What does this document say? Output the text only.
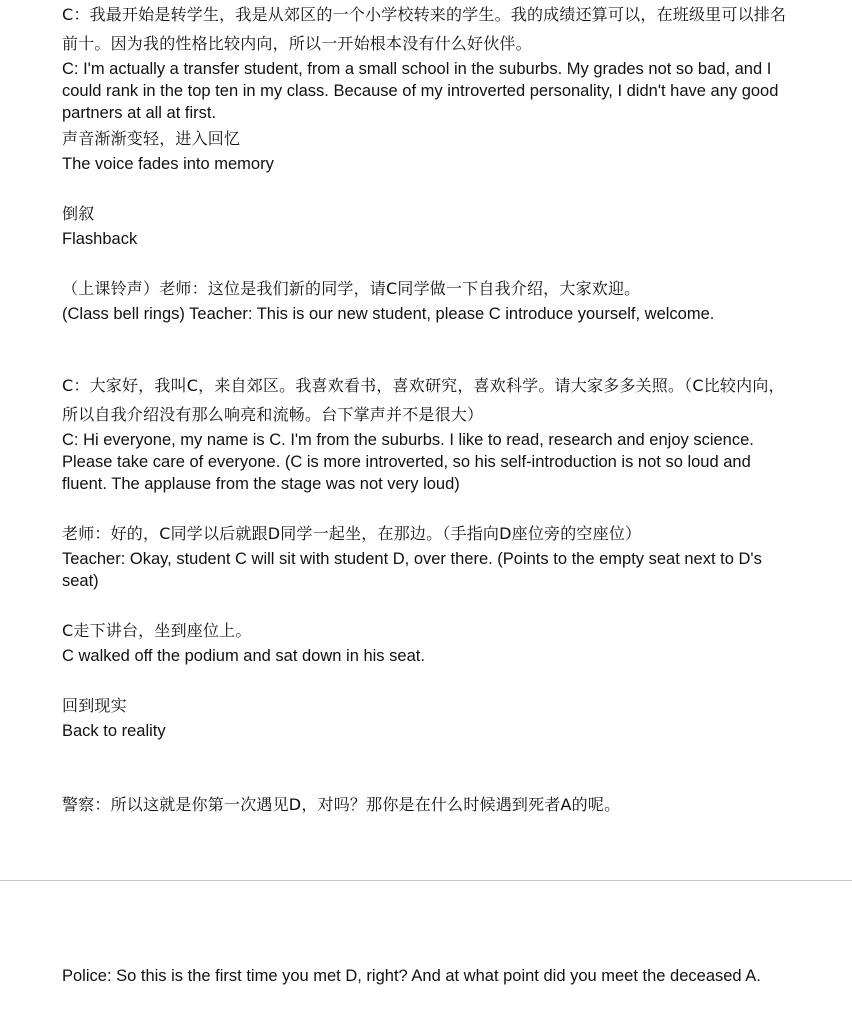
C：我最开始是转学生，我是从郊区的一个小学校转来的学生。我的成绩还算可以，在班级里可以排名前十。因为我的性格比较内向，所以一开始根本没有什么好伙伴。

C: I'm actually a transfer student, from a small school in the suburbs. My grades not so bad, and I could rank in the top ten in my class. Because of my introverted personality, I didn't have any good partners at all at first.

声音渐渐变轻，进入回忆

The voice fades into memory

倒叙

Flashback

（上课铃声）老师：这位是我们新的同学，请C同学做一下自我介绍，大家欢迎。

(Class bell rings) Teacher: This is our new student, please C introduce yourself, welcome.

C：大家好，我叫C，来自郊区。我喜欢看书，喜欢研究，喜欢科学。请大家多多关照。（C比较内向，所以自我介绍没有那么响亮和流畅。台下掌声并不是很大）

C: Hi everyone, my name is C. I'm from the suburbs. I like to read, research and enjoy science. Please take care of everyone. (C is more introverted, so his self-introduction is not so loud and fluent. The applause from the stage was not very loud)

老师：好的，C同学以后就跟D同学一起坐，在那边。（手指向D座位旁的空座位）

Teacher: Okay, student C will sit with student D, over there. (Points to the empty seat next to D's seat)

C走下讲台，坐到座位上。

C walked off the podium and sat down in his seat.

回到现实

Back to reality

警察：所以这就是你第一次遇见D，对吗？那你是在什么时候遇到死者A的呢。

Police: So this is the first time you met D, right? And at what point did you meet the deceased A.
